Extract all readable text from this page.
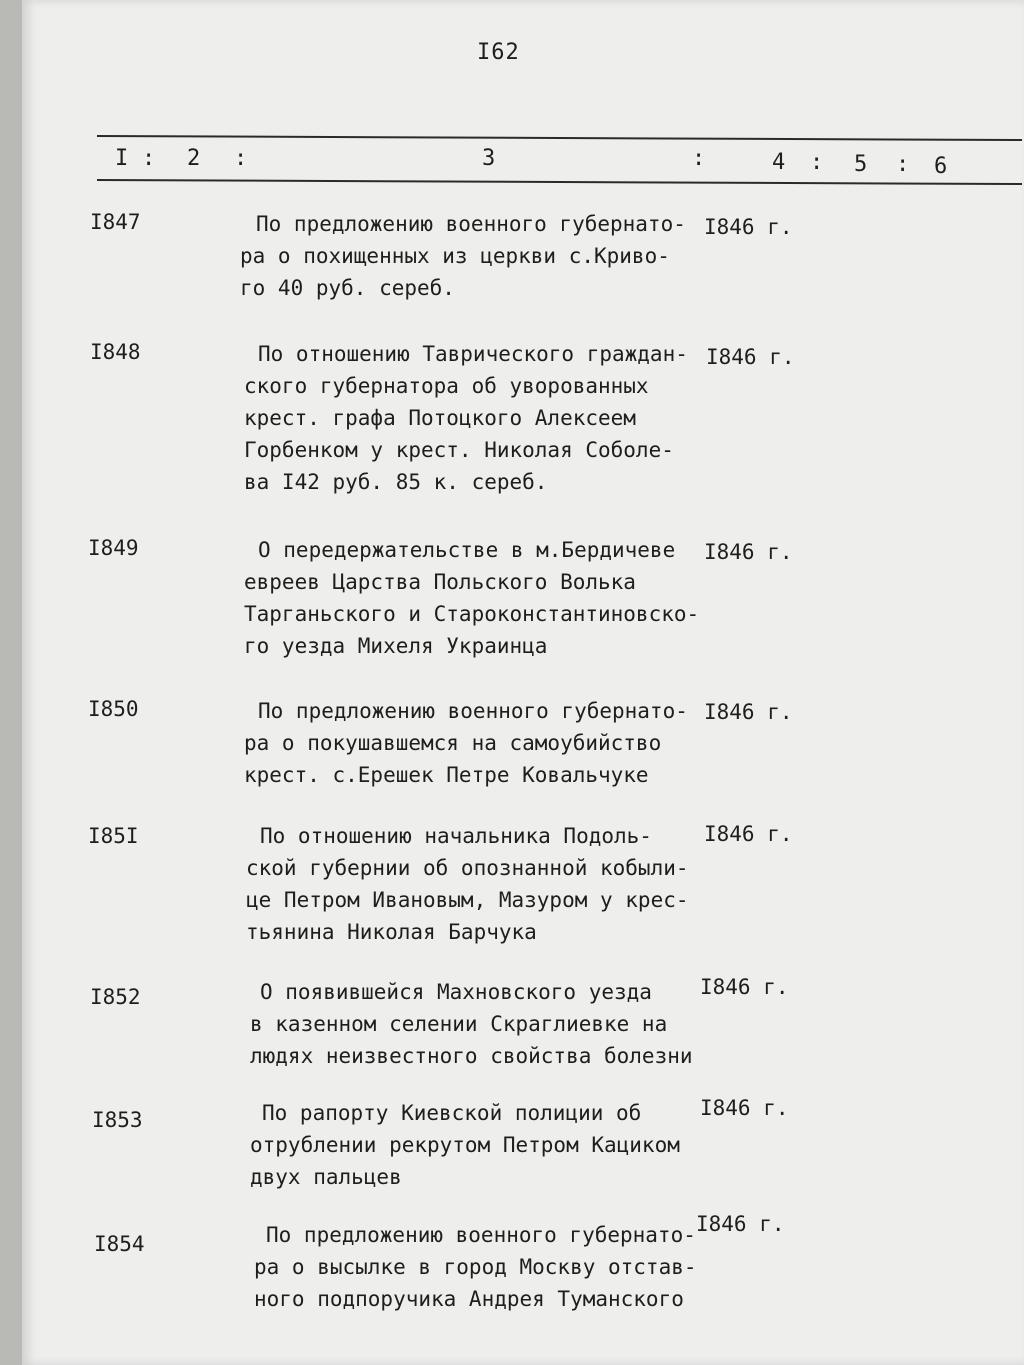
I62
I : 2 :	3	:	4 : 5 : 6
I847	По предложению военного губернато-
ра о похищенных из церкви с.Криво-
го 40 руб. сереб.
I846 г.
I848	По отношению Таврического граждан-
ского губернатора об уворованных
крест. графа Потоцкого Алексеем
Горбенком у крест. Николая Соболе-
ва I42 руб. 85 к. сереб.
I846 г.
I849	О передержательстве в м.Бердичеве
евреев Царства Польского Волька
Тарганьского и Староконстантиновско-
го уезда Михеля Украинца
I846 г.
I850	По предложению военного губернато-
ра о покушавшемся на самоубийство
крест. с.Ерешек Петре Ковальчуке
I846 г.
I85I	По отношению начальника Подоль-
ской губернии об опознанной кобыли-
це Петром Ивановым, Мазуром у крес-
тьянина Николая Барчука
I846 г.
I852	О появившейся Махновского уезда
в казенном селении Скраглиевке на
людях неизвестного свойства болезни
I846 г.
I853	По рапорту Киевской полиции об
отрублении рекрутом Петром Кациком
двух пальцев
I846 г.
I854	По предложению военного губернато-
ра о высылке в город Москву отстав-
ного подпоручика Андрея Туманского
I846 г.
